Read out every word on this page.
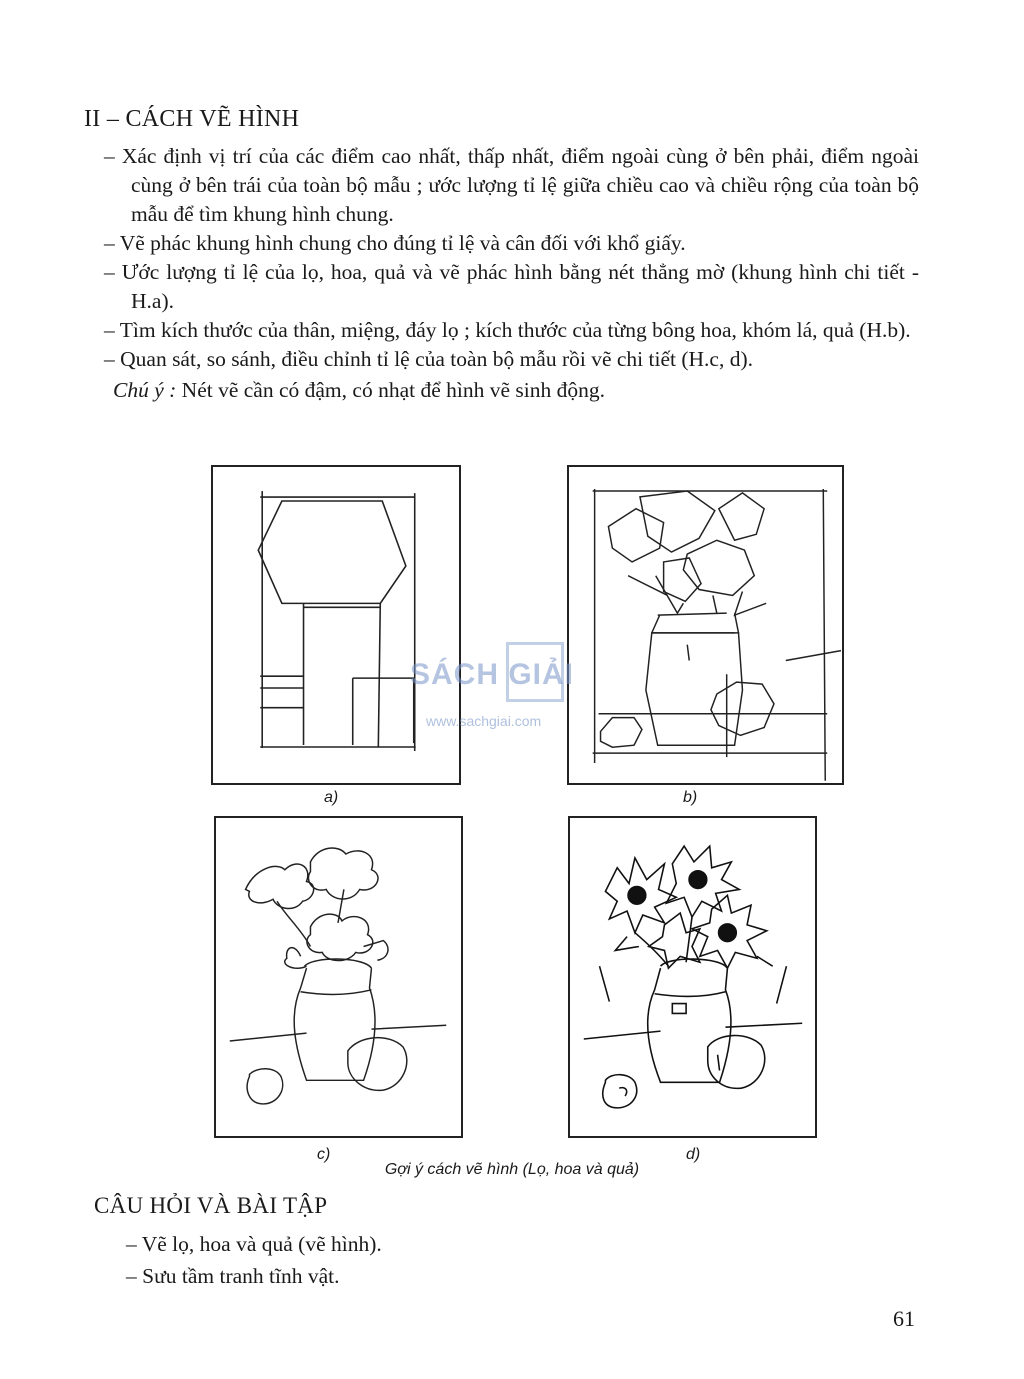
II – CÁCH VẼ HÌNH
– Xác định vị trí của các điểm cao nhất, thấp nhất, điểm ngoài cùng ở bên phải, điểm ngoài cùng ở bên trái của toàn bộ mẫu ; ước lượng tỉ lệ giữa chiều cao và chiều rộng của toàn bộ mẫu để tìm khung hình chung.
– Vẽ phác khung hình chung cho đúng tỉ lệ và cân đối với khổ giấy.
– Ước lượng tỉ lệ của lọ, hoa, quả và vẽ phác hình bằng nét thẳng mờ (khung hình chi tiết - H.a).
– Tìm kích thước của thân, miệng, đáy lọ ; kích thước của từng bông hoa, khóm lá, quả (H.b).
– Quan sát, so sánh, điều chỉnh tỉ lệ của toàn bộ mẫu rồi vẽ chi tiết (H.c, d).
Chú ý : Nét vẽ cần có đậm, có nhạt để hình vẽ sinh động.
a)	b)
c)	d)
Gợi ý cách vẽ hình (Lọ, hoa và quả)
SÁCH GIẢI
www.sachgiai.com
CÂU HỎI VÀ BÀI TẬP
– Vẽ lọ, hoa và quả (vẽ hình).
– Sưu tầm tranh tĩnh vật.
61
